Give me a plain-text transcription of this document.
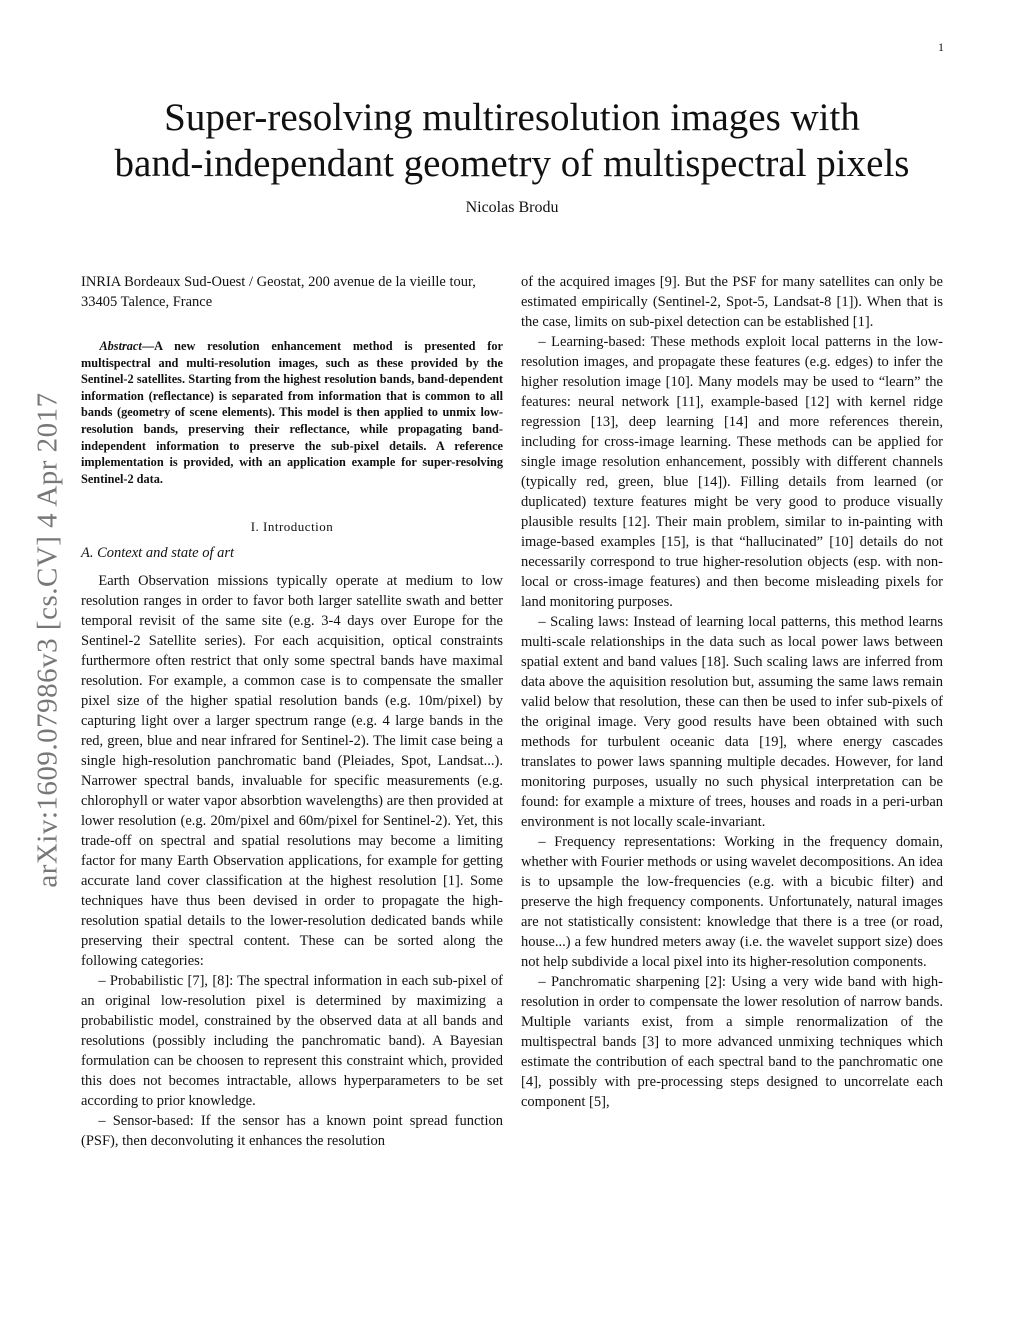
1
arXiv:1609.07986v3 [cs.CV] 4 Apr 2017
Super-resolving multiresolution images with
band-independant geometry of multispectral pixels
Nicolas Brodu

INRIA Bordeaux Sud-Ouest / Geostat, 200 avenue de la vieille tour, 33405 Talence, France

Abstract—A new resolution enhancement method is presented for multispectral and multi-resolution images, such as these provided by the Sentinel-2 satellites. Starting from the highest resolution bands, band-dependent information (reflectance) is separated from information that is common to all bands (geometry of scene elements). This model is then applied to unmix low-resolution bands, preserving their reflectance, while propagating band-independent information to preserve the sub-pixel details. A reference implementation is provided, with an application example for super-resolving Sentinel-2 data.

I. Introduction
A. Context and state of art

Earth Observation missions typically operate at medium to low resolution ranges in order to favor both larger satellite swath and better temporal revisit of the same site (e.g. 3-4 days over Europe for the Sentinel-2 Satellite series). For each acquisition, optical constraints furthermore often restrict that only some spectral bands have maximal resolution. For example, a common case is to compensate the smaller pixel size of the higher spatial resolution bands (e.g. 10m/pixel) by capturing light over a larger spectrum range (e.g. 4 large bands in the red, green, blue and near infrared for Sentinel-2). The limit case being a single high-resolution panchromatic band (Pleiades, Spot, Landsat...). Narrower spectral bands, invaluable for specific measurements (e.g. chlorophyll or water vapor absorbtion wavelengths) are then provided at lower resolution (e.g. 20m/pixel and 60m/pixel for Sentinel-2). Yet, this trade-off on spectral and spatial resolutions may become a limiting factor for many Earth Observation applications, for example for getting accurate land cover classification at the highest resolution [1]. Some techniques have thus been devised in order to propagate the high-resolution spatial details to the lower-resolution dedicated bands while preserving their spectral content. These can be sorted along the following categories:

– Probabilistic [7], [8]: The spectral information in each sub-pixel of an original low-resolution pixel is determined by maximizing a probabilistic model, constrained by the observed data at all bands and resolutions (possibly including the panchromatic band). A Bayesian formulation can be choosen to represent this constraint which, provided this does not becomes intractable, allows hyperparameters to be set according to prior knowledge.

– Sensor-based: If the sensor has a known point spread function (PSF), then deconvoluting it enhances the resolution

of the acquired images [9]. But the PSF for many satellites can only be estimated empirically (Sentinel-2, Spot-5, Landsat-8 [1]). When that is the case, limits on sub-pixel detection can be established [1].

– Learning-based: These methods exploit local patterns in the low-resolution images, and propagate these features (e.g. edges) to infer the higher resolution image [10]. Many models may be used to “learn” the features: neural network [11], example-based [12] with kernel ridge regression [13], deep learning [14] and more references therein, including for cross-image learning. These methods can be applied for single image resolution enhancement, possibly with different channels (typically red, green, blue [14]). Filling details from learned (or duplicated) texture features might be very good to produce visually plausible results [12]. Their main problem, similar to in-painting with image-based examples [15], is that “hallucinated” [10] details do not necessarily correspond to true higher-resolution objects (esp. with non-local or cross-image features) and then become misleading pixels for land monitoring purposes.

– Scaling laws: Instead of learning local patterns, this method learns multi-scale relationships in the data such as local power laws between spatial extent and band values [18]. Such scaling laws are inferred from data above the aquisition resolution but, assuming the same laws remain valid below that resolution, these can then be used to infer sub-pixels of the original image. Very good results have been obtained with such methods for turbulent oceanic data [19], where energy cascades translates to power laws spanning multiple decades. However, for land monitoring purposes, usually no such physical interpretation can be found: for example a mixture of trees, houses and roads in a peri-urban environment is not locally scale-invariant.

– Frequency representations: Working in the frequency domain, whether with Fourier methods or using wavelet decompositions. An idea is to upsample the low-frequencies (e.g. with a bicubic filter) and preserve the high frequency components. Unfortunately, natural images are not statistically consistent: knowledge that there is a tree (or road, house...) a few hundred meters away (i.e. the wavelet support size) does not help subdivide a local pixel into its higher-resolution components.

– Panchromatic sharpening [2]: Using a very wide band with high-resolution in order to compensate the lower resolution of narrow bands. Multiple variants exist, from a simple renormalization of the multispectral bands [3] to more advanced unmixing techniques which estimate the contribution of each spectral band to the panchromatic one [4], possibly with pre-processing steps designed to uncorrelate each component [5],
